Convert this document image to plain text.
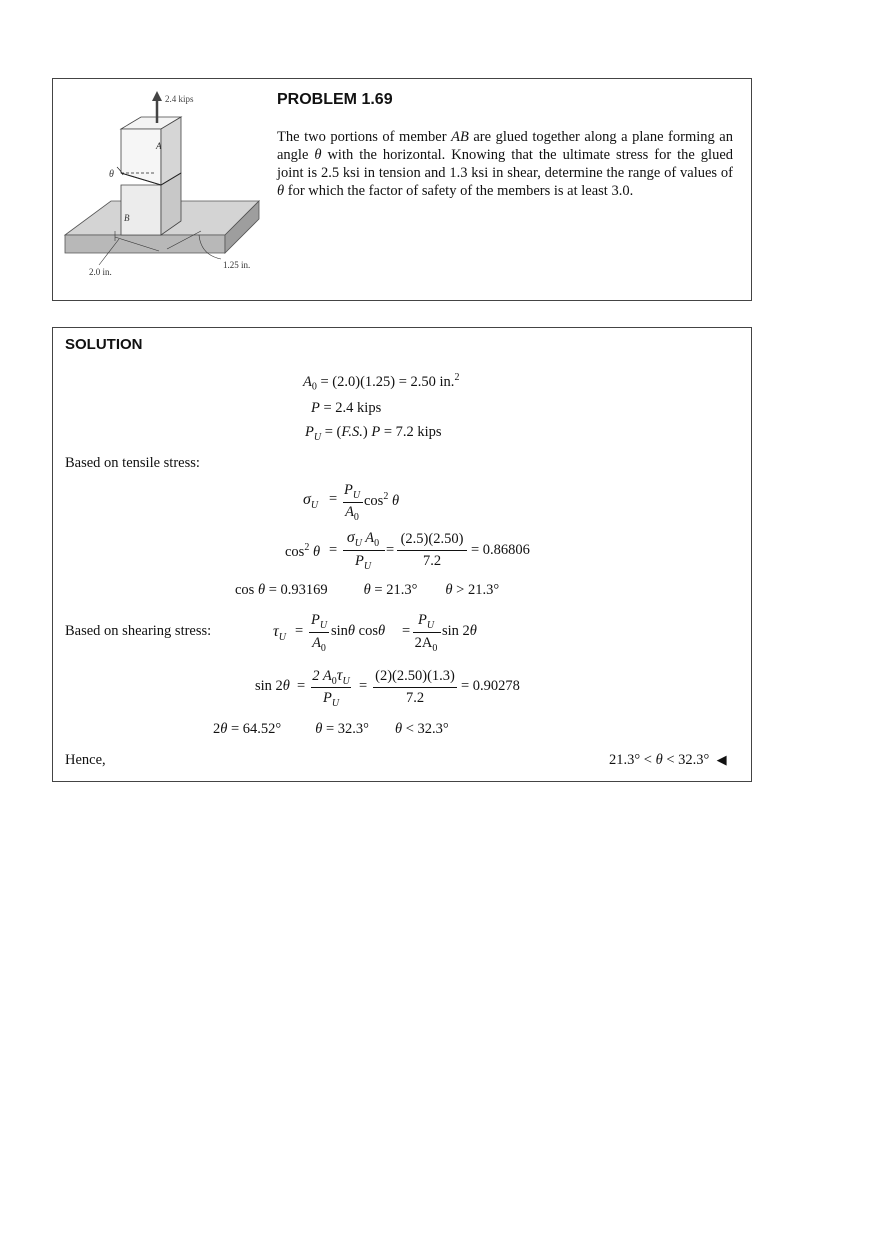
2.4 kips
A
B
θ
2.0 in.
1.25 in.
PROBLEM 1.69
The two portions of member AB are glued together along a plane forming an angle θ with the horizontal. Knowing that the ultimate stress for the glued joint is 2.5 ksi in tension and 1.3 ksi in shear, determine the range of values of θ for which the factor of safety of the members is at least 3.0.
SOLUTION
$A_0 = (2.0)(1.25) = 2.50$ in.$^2$
P = 2.4 kips
$P_U = (F.S.) P = 7.2$ kips
Based on tensile stress:
$\sigma_U$ =
$P_U$
$A_0$
$\cos^2 \theta$
$\cos^2 \theta$ =
$\sigma_U$ $A_0$
$P_U$
=
(2.5)(2.50)
7.2
= 0.86806
cos θ = 0.93169 θ = 21.3° θ > 21.3°
Based on shearing stress:	$\tau_U$ =
$P_U$
$A_0$
sinθ cosθ =
$P_U$
$2A_0$
sin 2θ
sin 2θ =
2 $A_0\tau_U$
$P_U$
=
(2)(2.50)(1.3)
7.2
= 0.90278
2θ = 64.52° θ = 32.3° θ < 32.3°
Hence,	21.3° < θ < 32.3° ◀
